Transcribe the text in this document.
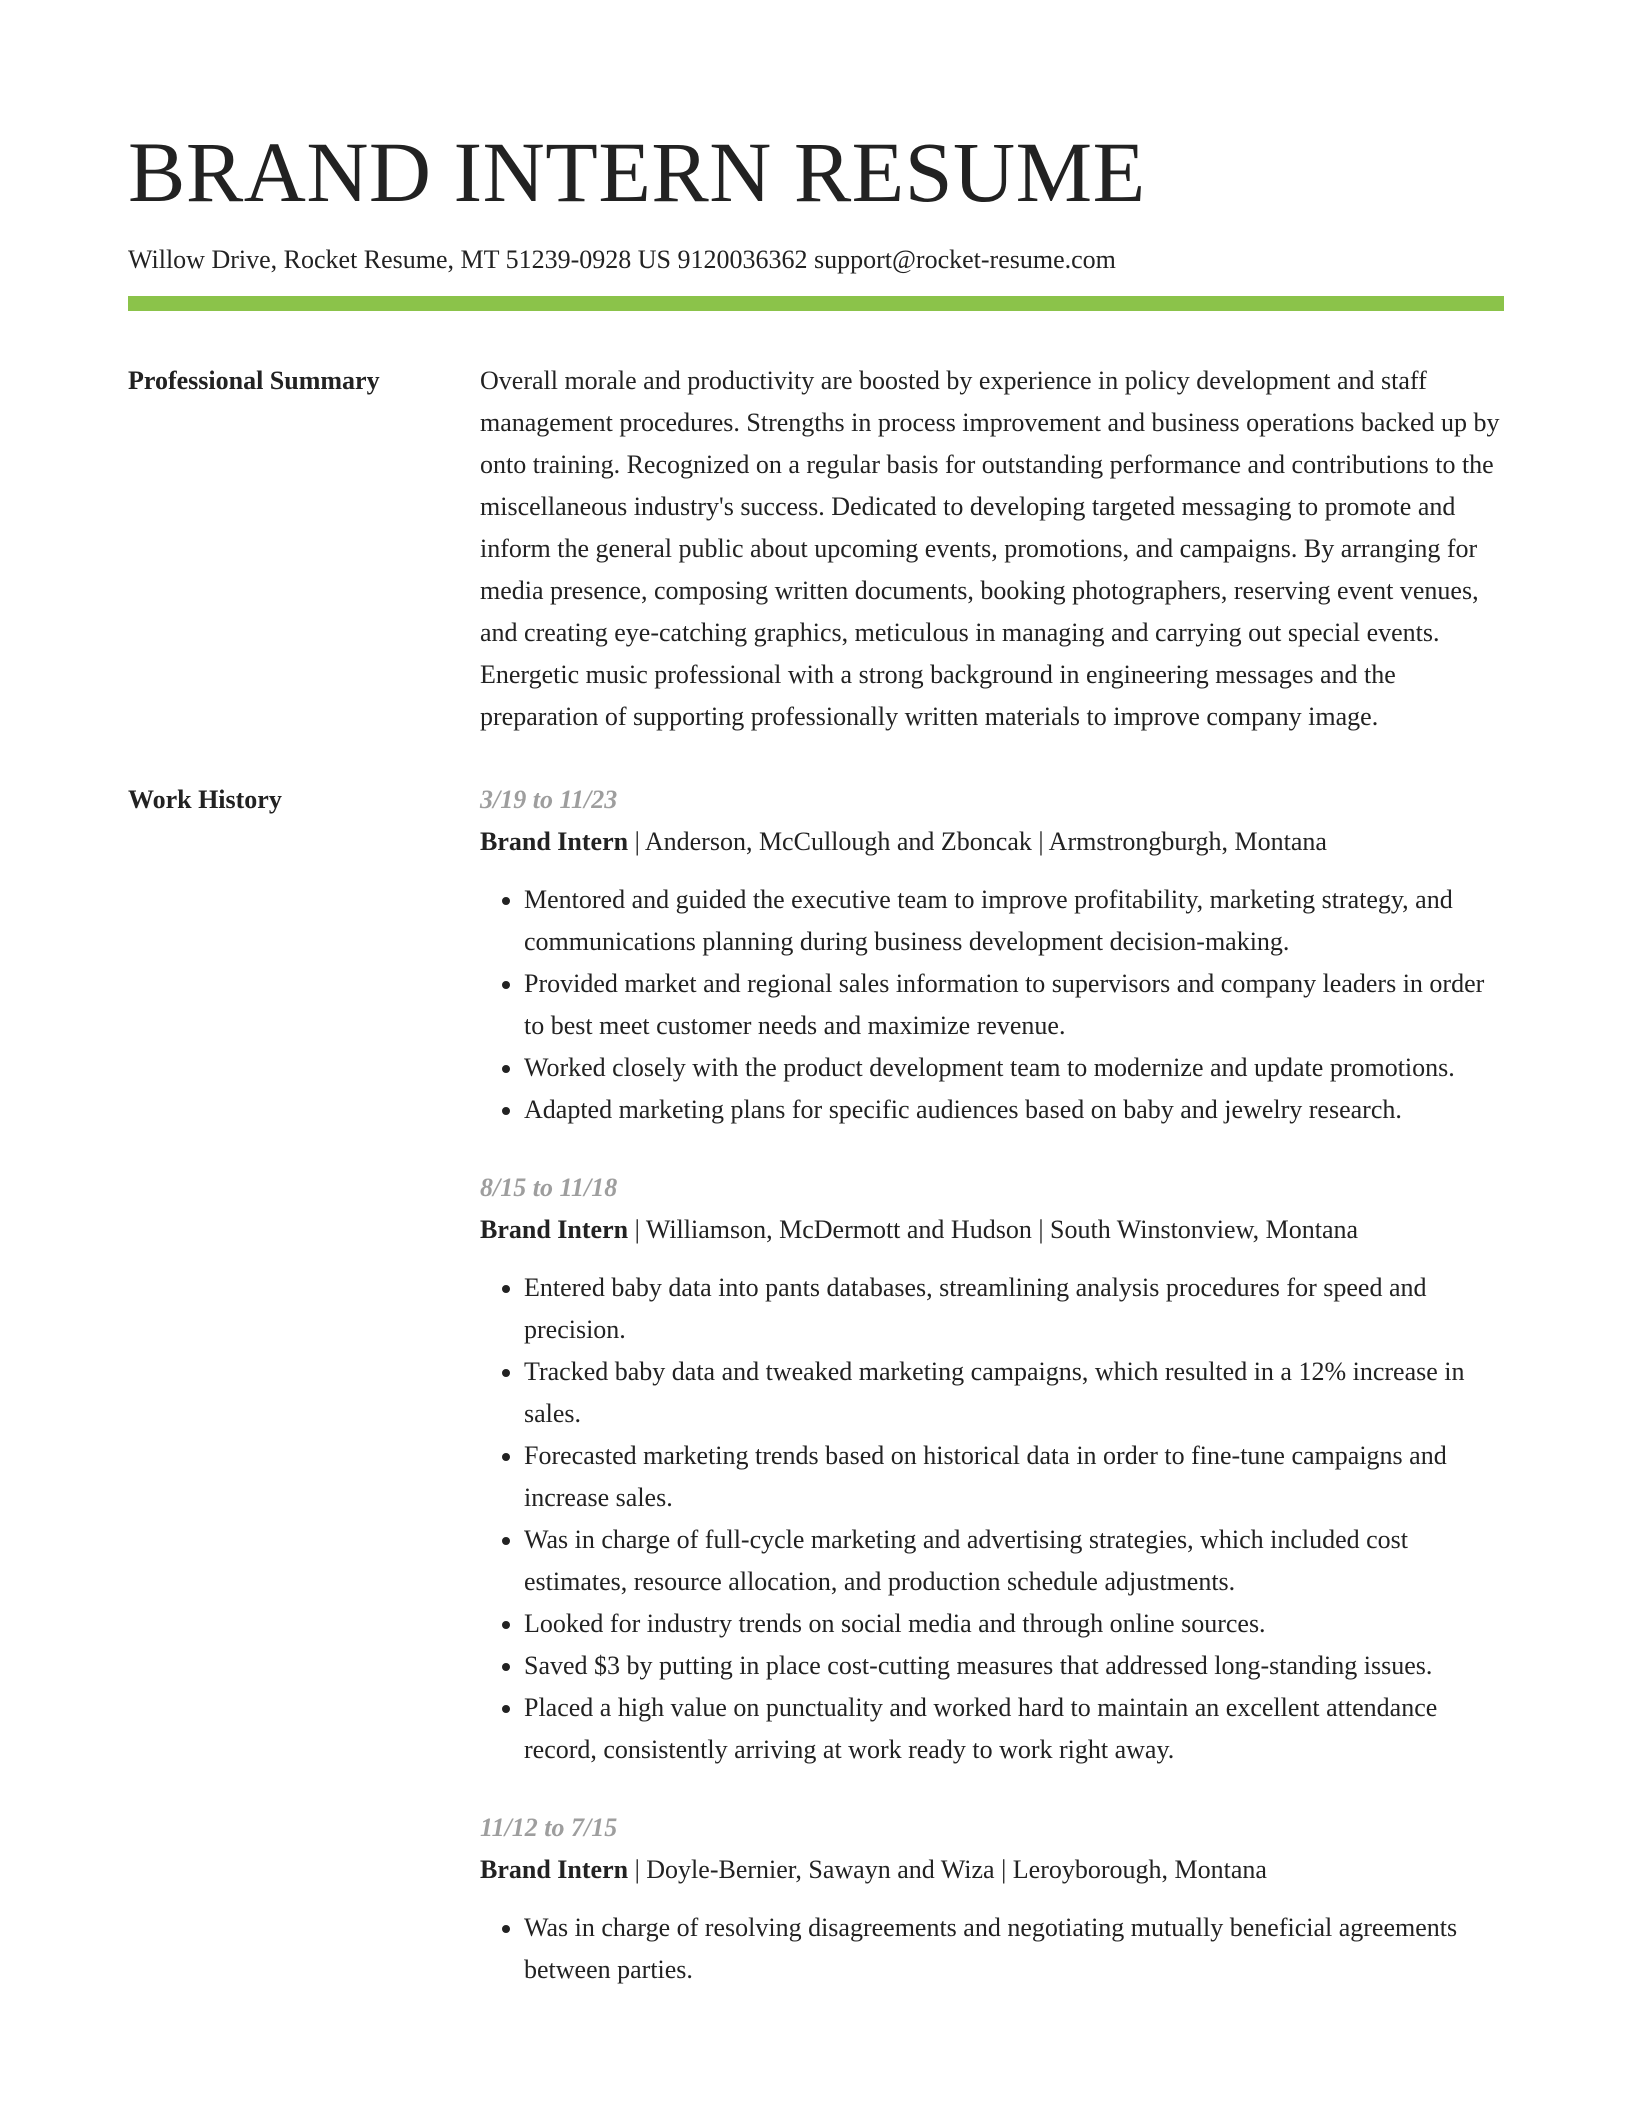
BRAND INTERN RESUME
Willow Drive, Rocket Resume, MT 51239-0928 US 9120036362 support@rocket-resume.com
Professional Summary	Overall morale and productivity are boosted by experience in policy development and staff management procedures. Strengths in process improvement and business operations backed up by onto training. Recognized on a regular basis for outstanding performance and contributions to the miscellaneous industry's success. Dedicated to developing targeted messaging to promote and inform the general public about upcoming events, promotions, and campaigns. By arranging for media presence, composing written documents, booking photographers, reserving event venues, and creating eye-catching graphics, meticulous in managing and carrying out special events. Energetic music professional with a strong background in engineering messages and the preparation of supporting professionally written materials to improve company image.

Work History	3/19 to 11/23
Brand Intern | Anderson, McCullough and Zboncak | Armstrongburgh, Montana
• Mentored and guided the executive team to improve profitability, marketing strategy, and communications planning during business development decision-making.
• Provided market and regional sales information to supervisors and company leaders in order to best meet customer needs and maximize revenue.
• Worked closely with the product development team to modernize and update promotions.
• Adapted marketing plans for specific audiences based on baby and jewelry research.
8/15 to 11/18
Brand Intern | Williamson, McDermott and Hudson | South Winstonview, Montana
• Entered baby data into pants databases, streamlining analysis procedures for speed and precision.
• Tracked baby data and tweaked marketing campaigns, which resulted in a 12% increase in sales.
• Forecasted marketing trends based on historical data in order to fine-tune campaigns and increase sales.
• Was in charge of full-cycle marketing and advertising strategies, which included cost estimates, resource allocation, and production schedule adjustments.
• Looked for industry trends on social media and through online sources.
• Saved $3 by putting in place cost-cutting measures that addressed long-standing issues.
• Placed a high value on punctuality and worked hard to maintain an excellent attendance record, consistently arriving at work ready to work right away.
11/12 to 7/15
Brand Intern | Doyle-Bernier, Sawayn and Wiza | Leroyborough, Montana
• Was in charge of resolving disagreements and negotiating mutually beneficial agreements between parties.
